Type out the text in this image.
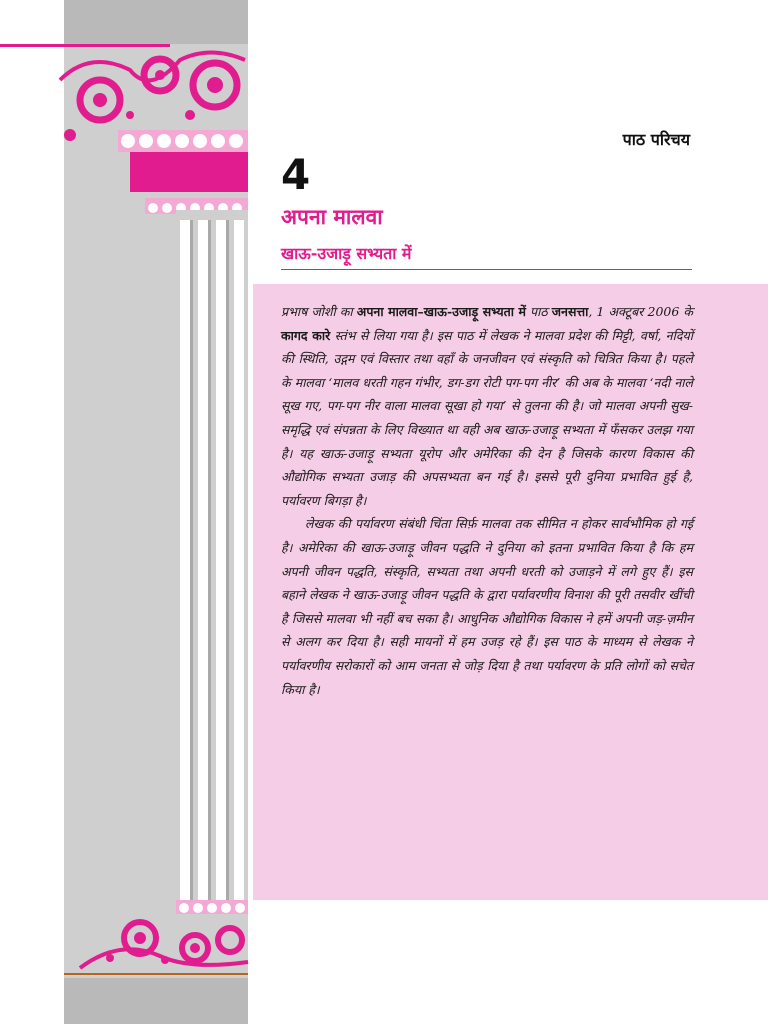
पाठ परिचय
4
अपना मालवा
खाऊ-उजाड़ू सभ्यता में

प्रभाष जोशी का अपना मालवा–खाऊ-उजाड़ू सभ्यता में पाठ जनसत्ता, 1 अक्टूबर 2006 के कागद कारे स्तंभ से लिया गया है। इस पाठ में लेखक ने मालवा प्रदेश की मिट्टी, वर्षा, नदियों की स्थिति, उद्गम एवं विस्तार तथा वहाँ के जनजीवन एवं संस्कृति को चित्रित किया है। पहले के मालवा ‘मालव धरती गहन गंभीर, डग-डग रोटी पग-पग नीर’ की अब के मालवा ‘नदी नाले सूख गए, पग-पग नीर वाला मालवा सूखा हो गया’ से तुलना की है। जो मालवा अपनी सुख-समृद्धि एवं संपन्नता के लिए विख्यात था वही अब खाऊ-उजाड़ू सभ्यता में फँसकर उलझ गया है। यह खाऊ-उजाड़ू सभ्यता यूरोप और अमेरिका की देन है जिसके कारण विकास की औद्योगिक सभ्यता उजाड़ की अपसभ्यता बन गई है। इससे पूरी दुनिया प्रभावित हुई है, पर्यावरण बिगड़ा है।

लेखक की पर्यावरण संबंधी चिंता सिर्फ़ मालवा तक सीमित न होकर सार्वभौमिक हो गई है। अमेरिका की खाऊ-उजाड़ू जीवन पद्धति ने दुनिया को इतना प्रभावित किया है कि हम अपनी जीवन पद्धति, संस्कृति, सभ्यता तथा अपनी धरती को उजाड़ने में लगे हुए हैं। इस बहाने लेखक ने खाऊ-उजाड़ू जीवन पद्धति के द्वारा पर्यावरणीय विनाश की पूरी तसवीर खींची है जिससे मालवा भी नहीं बच सका है। आधुनिक औद्योगिक विकास ने हमें अपनी जड़-ज़मीन से अलग कर दिया है। सही मायनों में हम उजड़ रहे हैं। इस पाठ के माध्यम से लेखक ने पर्यावरणीय सरोकारों को आम जनता से जोड़ दिया है तथा पर्यावरण के प्रति लोगों को सचेत किया है।
